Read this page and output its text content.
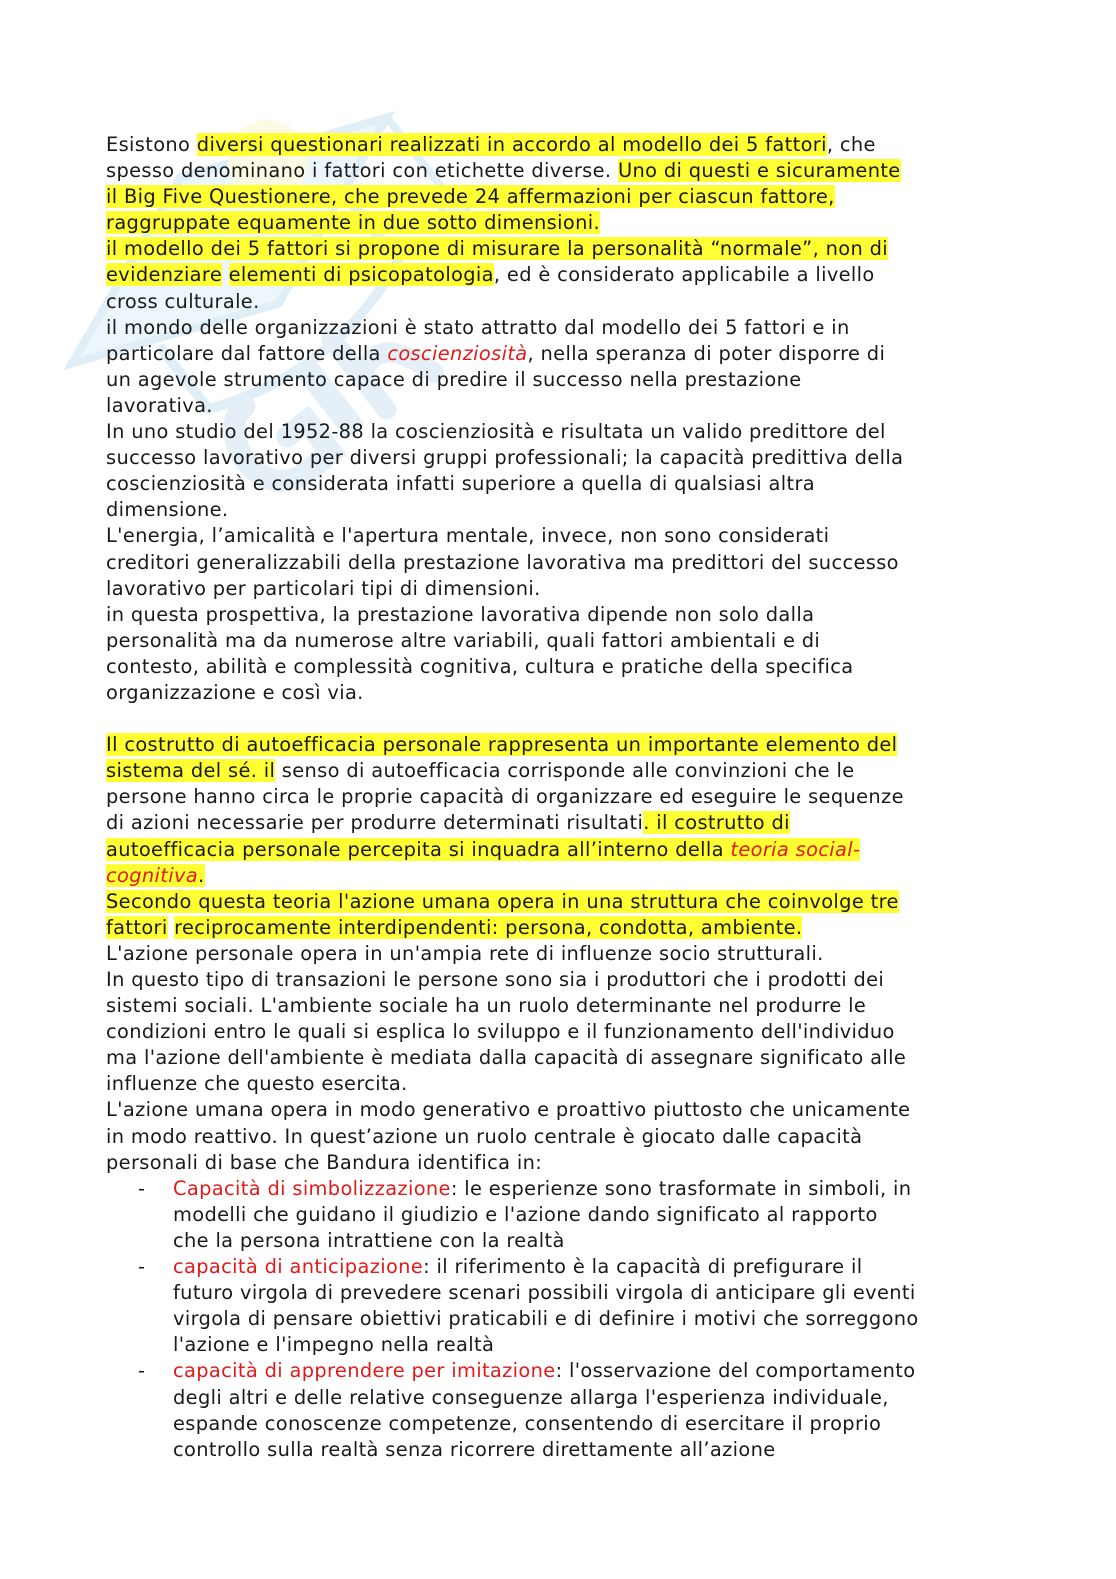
Esistono diversi questionari realizzati in accordo al modello dei 5 fattori, che
spesso denominano i fattori con etichette diverse. Uno di questi e sicuramente
il Big Five Questionere, che prevede 24 affermazioni per ciascun fattore,
raggruppate equamente in due sotto dimensioni.

il modello dei 5 fattori si propone di misurare la personalità “normale”, non di
evidenziare elementi di psicopatologia, ed è considerato applicabile a livello
cross culturale.

il mondo delle organizzazioni è stato attratto dal modello dei 5 fattori e in
particolare dal fattore della coscienziosità, nella speranza di poter disporre di
un agevole strumento capace di predire il successo nella prestazione
lavorativa.

In uno studio del 1952-88 la coscienziosità e risultata un valido predittore del
successo lavorativo per diversi gruppi professionali; la capacità predittiva della
coscienziosità e considerata infatti superiore a quella di qualsiasi altra
dimensione.

L'energia, l’amicalità e l'apertura mentale, invece, non sono considerati
creditori generalizzabili della prestazione lavorativa ma predittori del successo
lavorativo per particolari tipi di dimensioni.

in questa prospettiva, la prestazione lavorativa dipende non solo dalla
personalità ma da numerose altre variabili, quali fattori ambientali e di
contesto, abilità e complessità cognitiva, cultura e pratiche della specifica
organizzazione e così via.

Il costrutto di autoefficacia personale rappresenta un importante elemento del
sistema del sé. il senso di autoefficacia corrisponde alle convinzioni che le
persone hanno circa le proprie capacità di organizzare ed eseguire le sequenze
di azioni necessarie per produrre determinati risultati. il costrutto di
autoefficacia personale percepita si inquadra all’interno della teoria social-
cognitiva.

Secondo questa teoria l'azione umana opera in una struttura che coinvolge tre
fattori reciprocamente interdipendenti: persona, condotta, ambiente.

L'azione personale opera in un'ampia rete di influenze socio strutturali.

In questo tipo di transazioni le persone sono sia i produttori che i prodotti dei
sistemi sociali. L'ambiente sociale ha un ruolo determinante nel produrre le
condizioni entro le quali si esplica lo sviluppo e il funzionamento dell'individuo
ma l'azione dell'ambiente è mediata dalla capacità di assegnare significato alle
influenze che questo esercita.

L'azione umana opera in modo generativo e proattivo piuttosto che unicamente
in modo reattivo. In quest’azione un ruolo centrale è giocato dalle capacità
personali di base che Bandura identifica in:

- Capacità di simbolizzazione: le esperienze sono trasformate in simboli, in
modelli che guidano il giudizio e l'azione dando significato al rapporto
che la persona intrattiene con la realtà
- capacità di anticipazione: il riferimento è la capacità di prefigurare il
futuro virgola di prevedere scenari possibili virgola di anticipare gli eventi
virgola di pensare obiettivi praticabili e di definire i motivi che sorreggono
l'azione e l'impegno nella realtà
- capacità di apprendere per imitazione: l'osservazione del comportamento
degli altri e delle relative conseguenze allarga l'esperienza individuale,
espande conoscenze competenze, consentendo di esercitare il proprio
controllo sulla realtà senza ricorrere direttamente all’azione
